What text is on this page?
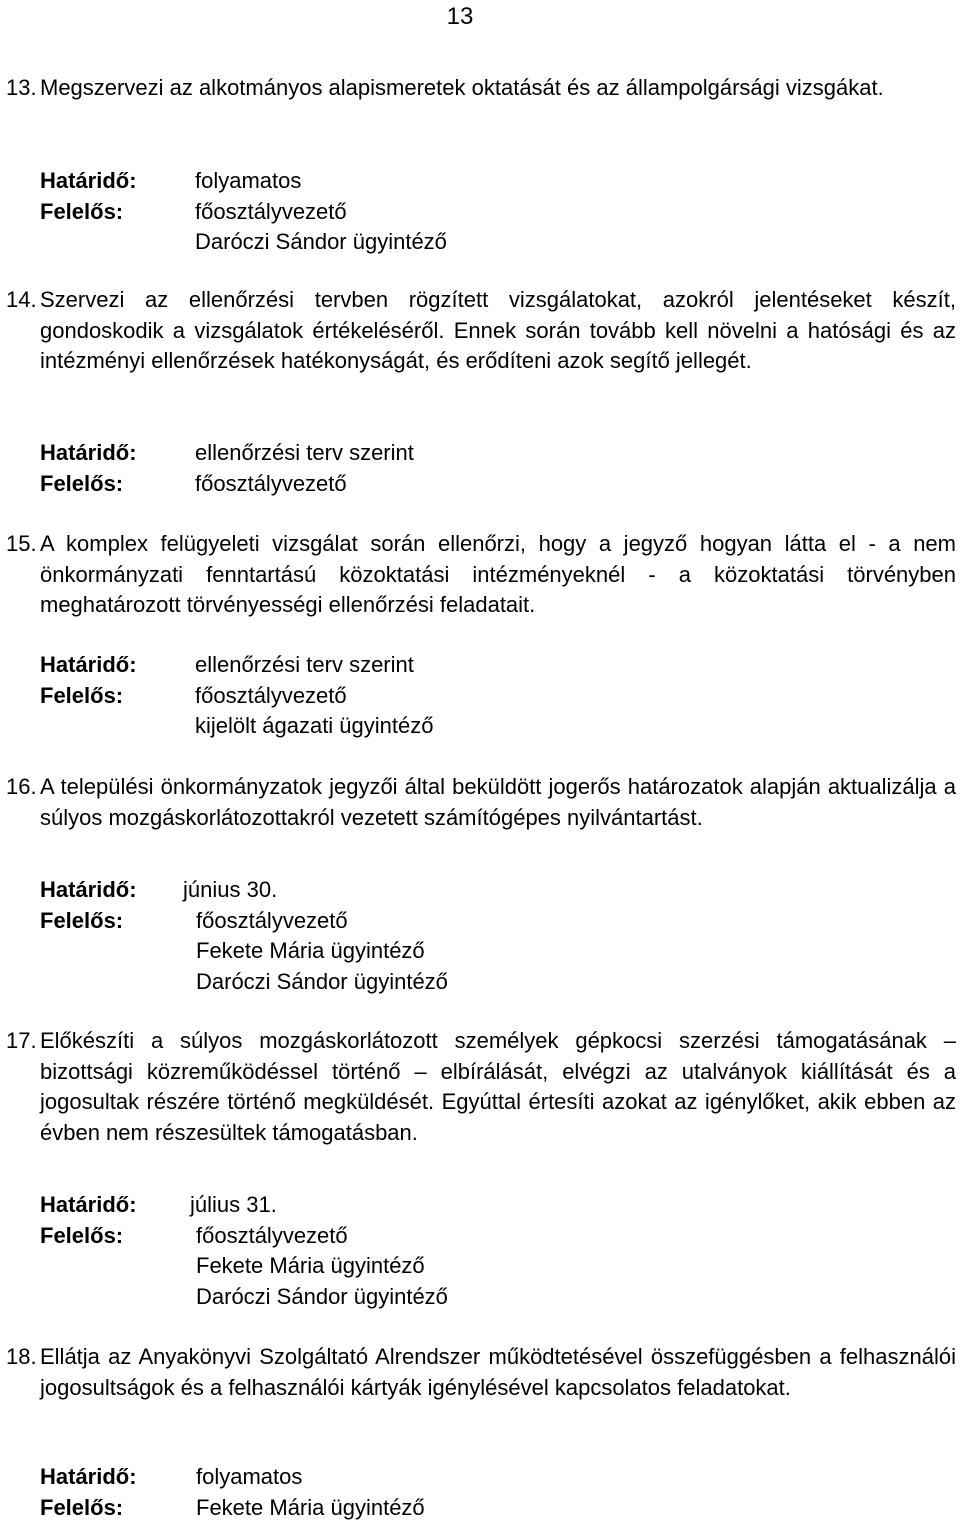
13
13. Megszervezi az alkotmányos alapismeretek oktatását és az állampolgársági vizsgákat.
Határidő:	folyamatos
Felelős:	főosztályvezető
Daróczi Sándor ügyintéző
14. Szervezi az ellenőrzési tervben rögzített vizsgálatokat, azokról jelentéseket készít, gondoskodik a vizsgálatok értékeléséről. Ennek során tovább kell növelni a hatósági és az intézményi ellenőrzések hatékonyságát, és erődíteni azok segítő jellegét.
Határidő:	ellenőrzési terv szerint
Felelős:	főosztályvezető
15. A komplex felügyeleti vizsgálat során ellenőrzi, hogy a jegyző hogyan látta el - a nem önkormányzati fenntartású közoktatási intézményeknél - a közoktatási törvényben meghatározott törvényességi ellenőrzési feladatait.
Határidő:	ellenőrzési terv szerint
Felelős:	főosztályvezető
kijelölt ágazati ügyintéző
16. A települési önkormányzatok jegyzői által beküldött jogerős határozatok alapján aktualizálja a súlyos mozgáskorlátozottakról vezetett számítógépes nyilvántartást.
Határidő: június 30.
Felelős:	főosztályvezető
Fekete Mária ügyintéző
Daróczi Sándor ügyintéző
17. Előkészíti a súlyos mozgáskorlátozott személyek gépkocsi szerzési támogatásának – bizottsági közreműködéssel történő – elbírálását, elvégzi az utalványok kiállítását és a jogosultak részére történő megküldését. Egyúttal értesíti azokat az igénylőket, akik ebben az évben nem részesültek támogatásban.
Határidő: július 31.
Felelős:	főosztályvezető
Fekete Mária ügyintéző
Daróczi Sándor ügyintéző
18. Ellátja az Anyakönyvi Szolgáltató Alrendszer működtetésével összefüggésben a felhasználói jogosultságok és a felhasználói kártyák igénylésével kapcsolatos feladatokat.
Határidő:	folyamatos
Felelős:	Fekete Mária ügyintéző
